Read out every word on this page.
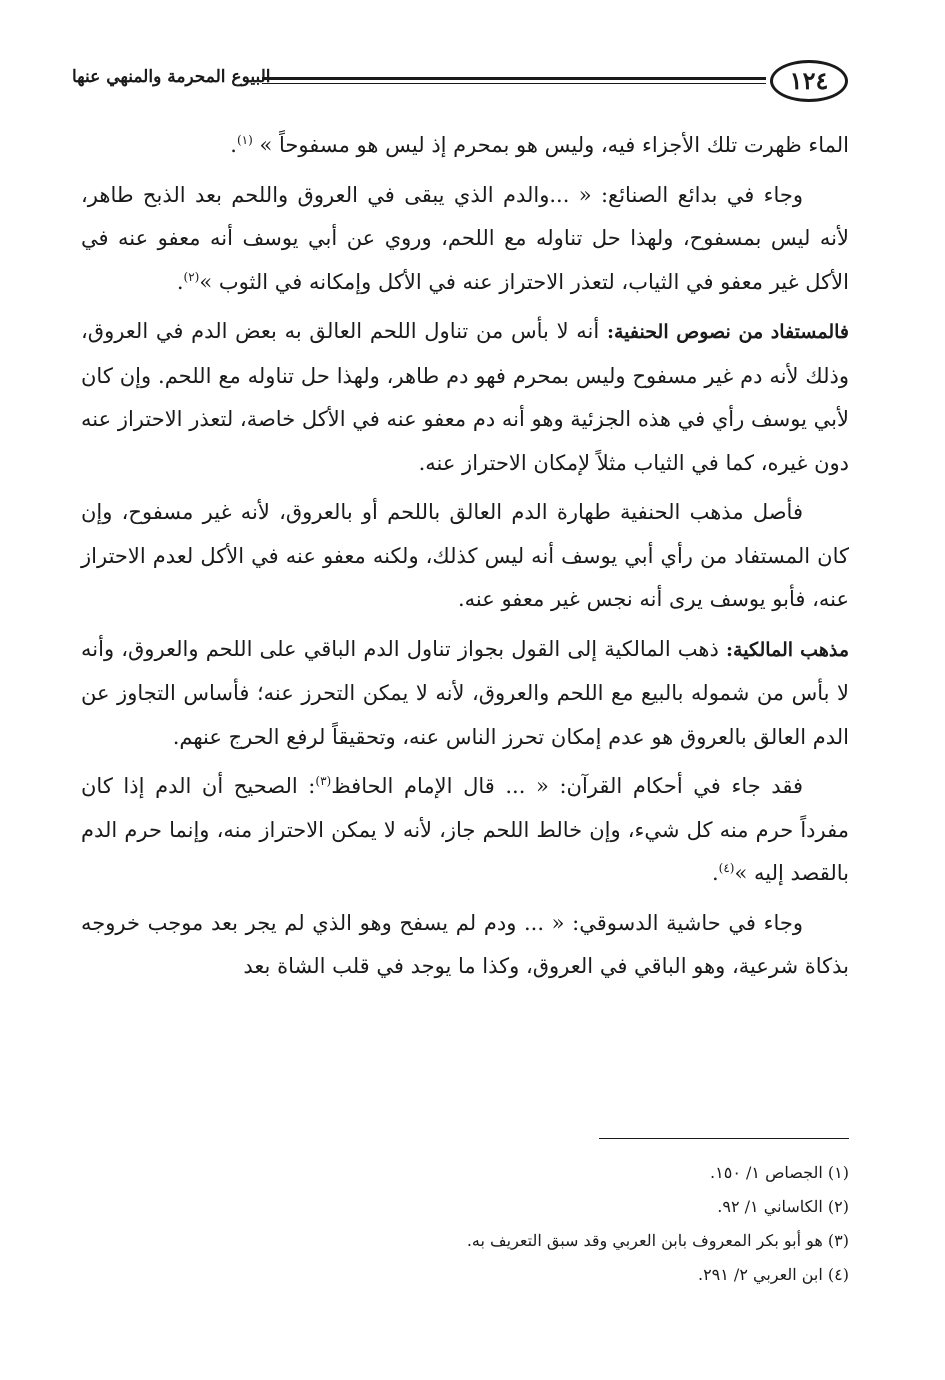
١٢٤
البيوع المحرمة والمنهي عنها

الماء ظهرت تلك الأجزاء فيه، وليس هو بمحرم إذ ليس هو مسفوحاً » $^{(١)}$.

وجاء في بدائع الصنائع: « ...والدم الذي يبقى في العروق واللحم بعد الذبح طاهر، لأنه ليس بمسفوح، ولهذا حل تناوله مع اللحم، وروي عن أبي يوسف أنه معفو عنه في الأكل غير معفو في الثياب، لتعذر الاحتراز عنه في الأكل وإمكانه في الثوب »$^{(٢)}$.

فالمستفاد من نصوص الحنفية: أنه لا بأس من تناول اللحم العالق به بعض الدم في العروق، وذلك لأنه دم غير مسفوح وليس بمحرم فهو دم طاهر، ولهذا حل تناوله مع اللحم. وإن كان لأبي يوسف رأي في هذه الجزئية وهو أنه دم معفو عنه في الأكل خاصة، لتعذر الاحتراز عنه دون غيره، كما في الثياب مثلاً لإمكان الاحتراز عنه.

فأصل مذهب الحنفية طهارة الدم العالق باللحم أو بالعروق، لأنه غير مسفوح، وإن كان المستفاد من رأي أبي يوسف أنه ليس كذلك، ولكنه معفو عنه في الأكل لعدم الاحتراز عنه، فأبو يوسف يرى أنه نجس غير معفو عنه.

مذهب المالكية: ذهب المالكية إلى القول بجواز تناول الدم الباقي على اللحم والعروق، وأنه لا بأس من شموله بالبيع مع اللحم والعروق، لأنه لا يمكن التحرز عنه؛ فأساس التجاوز عن الدم العالق بالعروق هو عدم إمكان تحرز الناس عنه، وتحقيقاً لرفع الحرج عنهم.

فقد جاء في أحكام القرآن: « ... قال الإمام الحافظ$^{(٣)}$: الصحيح أن الدم إذا كان مفرداً حرم منه كل شيء، وإن خالط اللحم جاز، لأنه لا يمكن الاحتراز منه، وإنما حرم الدم بالقصد إليه »$^{(٤)}$.

وجاء في حاشية الدسوقي: « ... ودم لم يسفح وهو الذي لم يجر بعد موجب خروجه بذكاة شرعية، وهو الباقي في العروق، وكذا ما يوجد في قلب الشاة بعد

(١) الجصاص ١/ ١٥٠.

(٢) الكاساني ١/ ٩٢.

(٣) هو أبو بكر المعروف بابن العربي وقد سبق التعريف به.

(٤) ابن العربي ٢/ ٢٩١.
